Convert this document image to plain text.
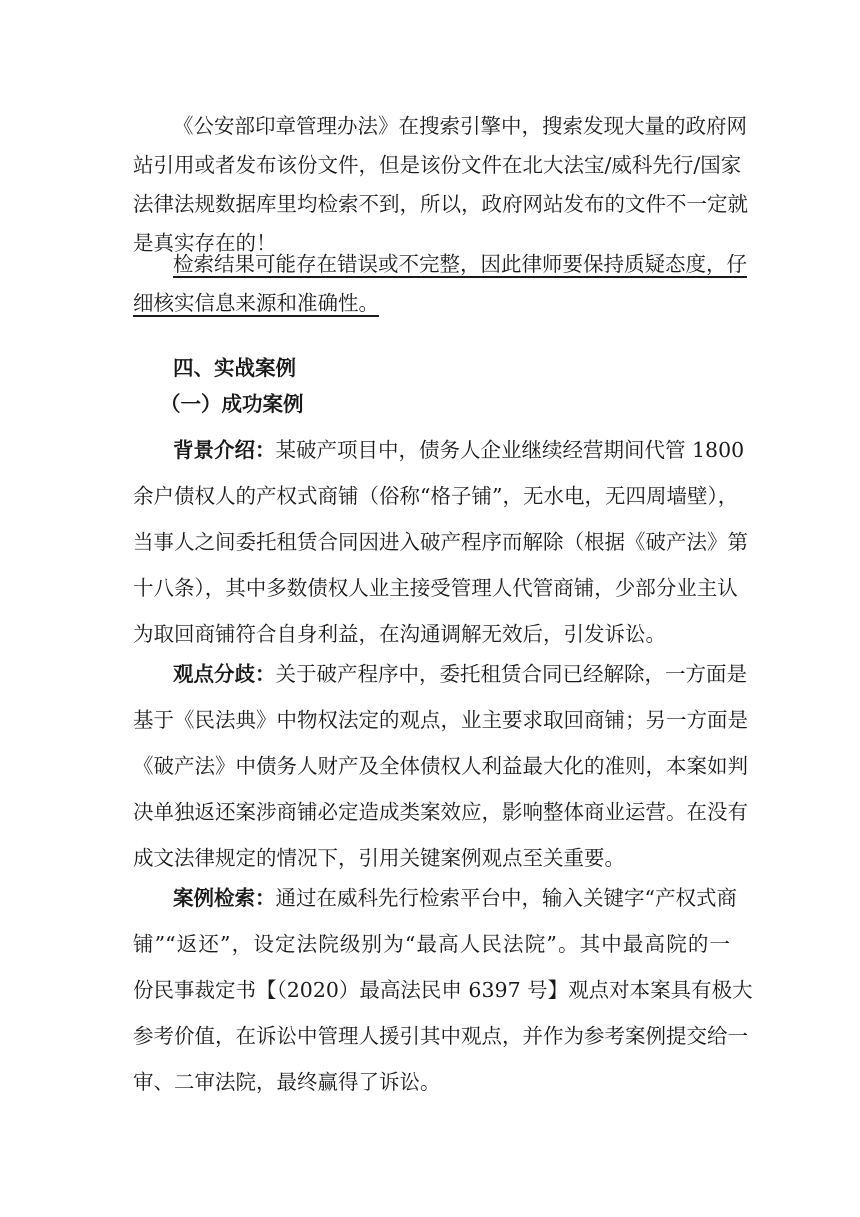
《公安部印章管理办法》在搜索引擎中，搜索发现大量的政府网
站引用或者发布该份文件，但是该份文件在北大法宝/威科先行/国家
法律法规数据库里均检索不到，所以，政府网站发布的文件不一定就
是真实存在的！
检索结果可能存在错误或不完整，因此律师要保持质疑态度，仔
细核实信息来源和准确性。
四、实战案例
（一）成功案例
背景介绍：某破产项目中，债务人企业继续经营期间代管 1800
余户债权人的产权式商铺（俗称“格子铺”，无水电，无四周墙壁），
当事人之间委托租赁合同因进入破产程序而解除（根据《破产法》第
十八条），其中多数债权人业主接受管理人代管商铺，少部分业主认
为取回商铺符合自身利益，在沟通调解无效后，引发诉讼。
观点分歧：关于破产程序中，委托租赁合同已经解除，一方面是
基于《民法典》中物权法定的观点，业主要求取回商铺；另一方面是
《破产法》中债务人财产及全体债权人利益最大化的准则，本案如判
决单独返还案涉商铺必定造成类案效应，影响整体商业运营。在没有
成文法律规定的情况下，引用关键案例观点至关重要。
案例检索：通过在威科先行检索平台中，输入关键字“产权式商
铺”“返还”，设定法院级别为“最高人民法院”。其中最高院的一
份民事裁定书【（2020）最高法民申 6397 号】观点对本案具有极大
参考价值，在诉讼中管理人援引其中观点，并作为参考案例提交给一
审、二审法院，最终赢得了诉讼。
